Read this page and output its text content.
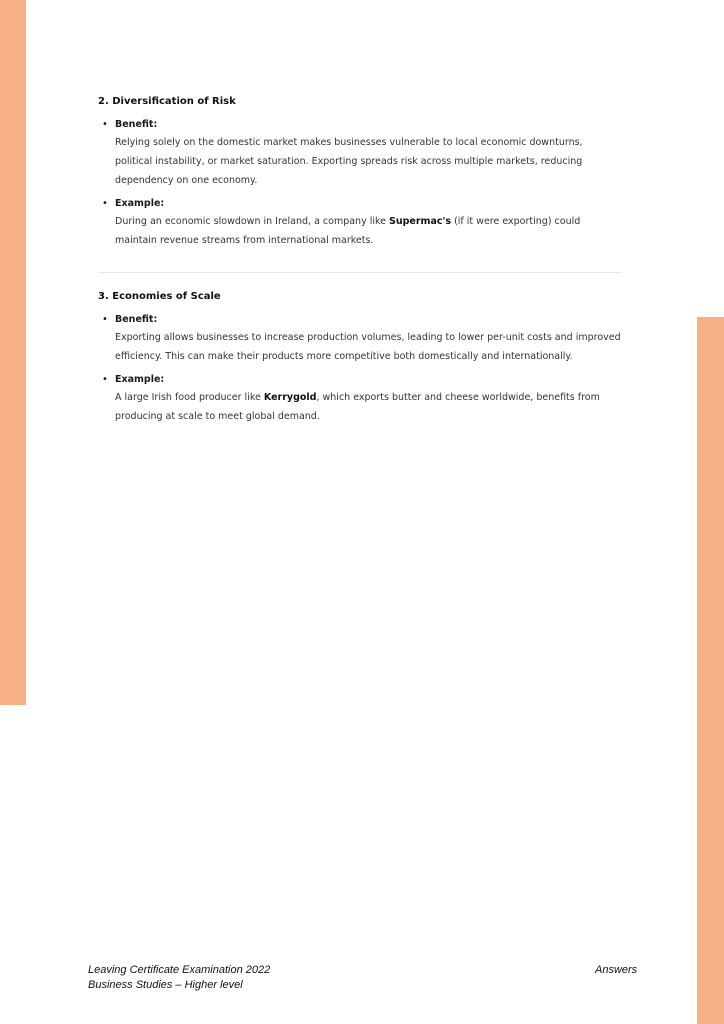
2. Diversification of Risk
• Benefit:
Relying solely on the domestic market makes businesses vulnerable to local economic downturns, political instability, or market saturation. Exporting spreads risk across multiple markets, reducing dependency on one economy.
• Example:
During an economic slowdown in Ireland, a company like Supermac's (if it were exporting) could maintain revenue streams from international markets.
3. Economies of Scale
• Benefit:
Exporting allows businesses to increase production volumes, leading to lower per-unit costs and improved efficiency. This can make their products more competitive both domestically and internationally.
• Example:
A large Irish food producer like Kerrygold, which exports butter and cheese worldwide, benefits from producing at scale to meet global demand.
Leaving Certificate Examination 2022
Business Studies – Higher level
Answers
